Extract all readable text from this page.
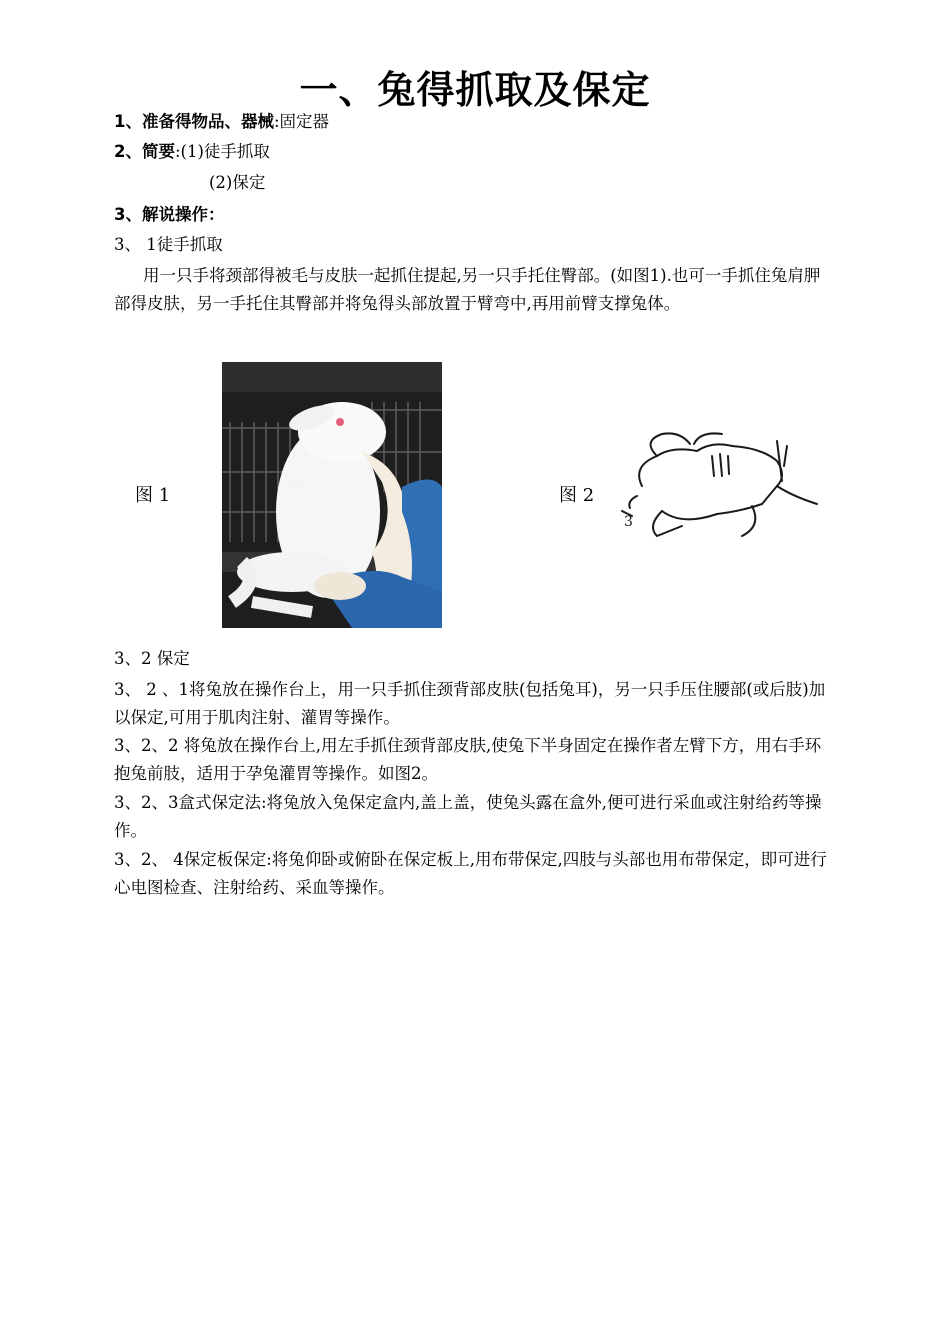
一、兔得抓取及保定
1、准备得物品、器械:固定器
2、简要:(1)徒手抓取
(2)保定
3、解说操作：
3、 1徒手抓取
用一只手将颈部得被毛与皮肤一起抓住提起,另一只手托住臀部。(如图1).也可一手抓住兔肩胛部得皮肤，另一手托住其臀部并将兔得头部放置于臂弯中,再用前臂支撑兔体。
图 1	图 2
3
3、2 保定
3、 2 、1将兔放在操作台上，用一只手抓住颈背部皮肤(包括兔耳)，另一只手压住腰部(或后肢)加以保定,可用于肌肉注射、灌胃等操作。
3、2、2 将兔放在操作台上,用左手抓住颈背部皮肤,使兔下半身固定在操作者左臂下方，用右手环抱兔前肢，适用于孕兔灌胃等操作。如图2。
3、2、3盒式保定法:将兔放入兔保定盒内,盖上盖，使兔头露在盒外,便可进行采血或注射给药等操作。
3、2、 4保定板保定:将兔仰卧或俯卧在保定板上,用布带保定,四肢与头部也用布带保定，即可进行心电图检查、注射给药、采血等操作。
